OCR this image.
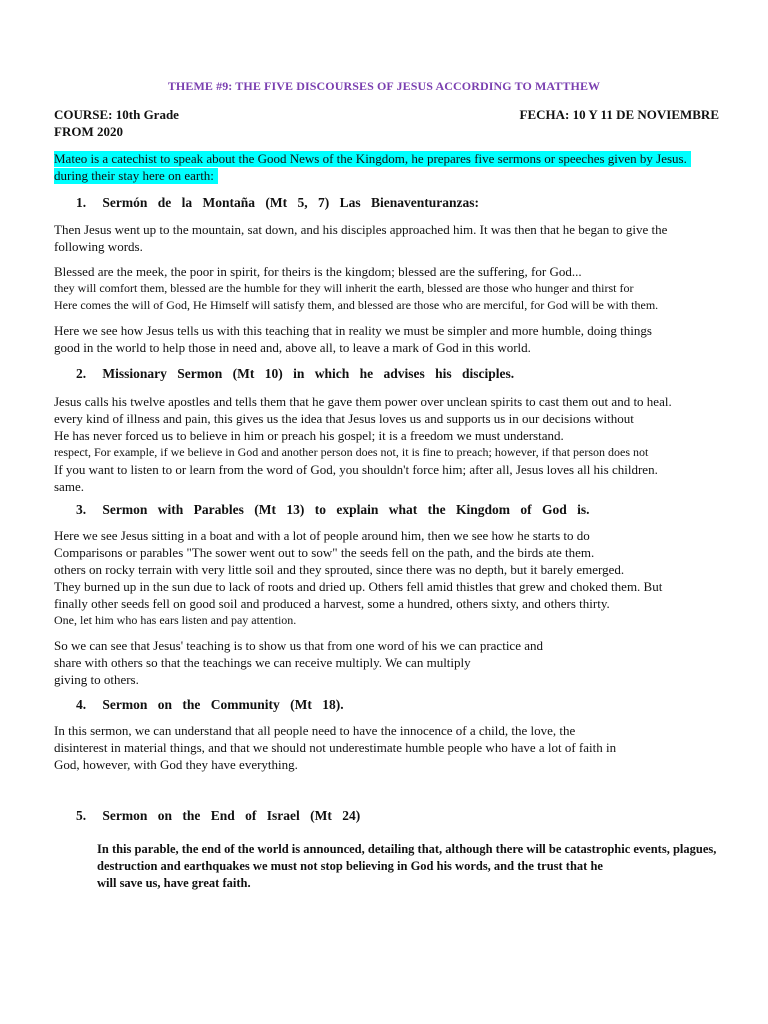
THEME #9: THE FIVE DISCOURSES OF JESUS ACCORDING TO MATTHEW
COURSE: 10th Grade
FROM 2020
FECHA: 10 Y 11 DE NOVIEMBRE
Mateo is a catechist to speak about the Good News of the Kingdom, he prepares five sermons or speeches given by Jesus.
during their stay here on earth:
1. Sermón de la Montaña (Mt 5, 7) Las Bienaventuranzas:
Then Jesus went up to the mountain, sat down, and his disciples approached him. It was then that he began to give the
following words.
Blessed are the meek, the poor in spirit, for theirs is the kingdom; blessed are the suffering, for God...
they will comfort them, blessed are the humble for they will inherit the earth, blessed are those who hunger and thirst for
Here comes the will of God, He Himself will satisfy them, and blessed are those who are merciful, for God will be with them.
Here we see how Jesus tells us with this teaching that in reality we must be simpler and more humble, doing things
good in the world to help those in need and, above all, to leave a mark of God in this world.
2. Missionary Sermon (Mt 10) in which he advises his disciples.
Jesus calls his twelve apostles and tells them that he gave them power over unclean spirits to cast them out and to heal.
every kind of illness and pain, this gives us the idea that Jesus loves us and supports us in our decisions without
He has never forced us to believe in him or preach his gospel; it is a freedom we must understand.
respect, For example, if we believe in God and another person does not, it is fine to preach; however, if that person does not
If you want to listen to or learn from the word of God, you shouldn't force him; after all, Jesus loves all his children.
same.
3. Sermon with Parables (Mt 13) to explain what the Kingdom of God is.
Here we see Jesus sitting in a boat and with a lot of people around him, then we see how he starts to do
Comparisons or parables "The sower went out to sow" the seeds fell on the path, and the birds ate them.
others on rocky terrain with very little soil and they sprouted, since there was no depth, but it barely emerged.
They burned up in the sun due to lack of roots and dried up. Others fell amid thistles that grew and choked them. But
finally other seeds fell on good soil and produced a harvest, some a hundred, others sixty, and others thirty.
One, let him who has ears listen and pay attention.
So we can see that Jesus' teaching is to show us that from one word of his we can practice and
share with others so that the teachings we can receive multiply. We can multiply
giving to others.
4. Sermon on the Community (Mt 18).
In this sermon, we can understand that all people need to have the innocence of a child, the love, the
disinterest in material things, and that we should not underestimate humble people who have a lot of faith in
God, however, with God they have everything.
5. Sermon on the End of Israel (Mt 24)
In this parable, the end of the world is announced, detailing that, although there will be catastrophic events, plagues,
destruction and earthquakes we must not stop believing in God his words, and the trust that he
will save us, have great faith.
